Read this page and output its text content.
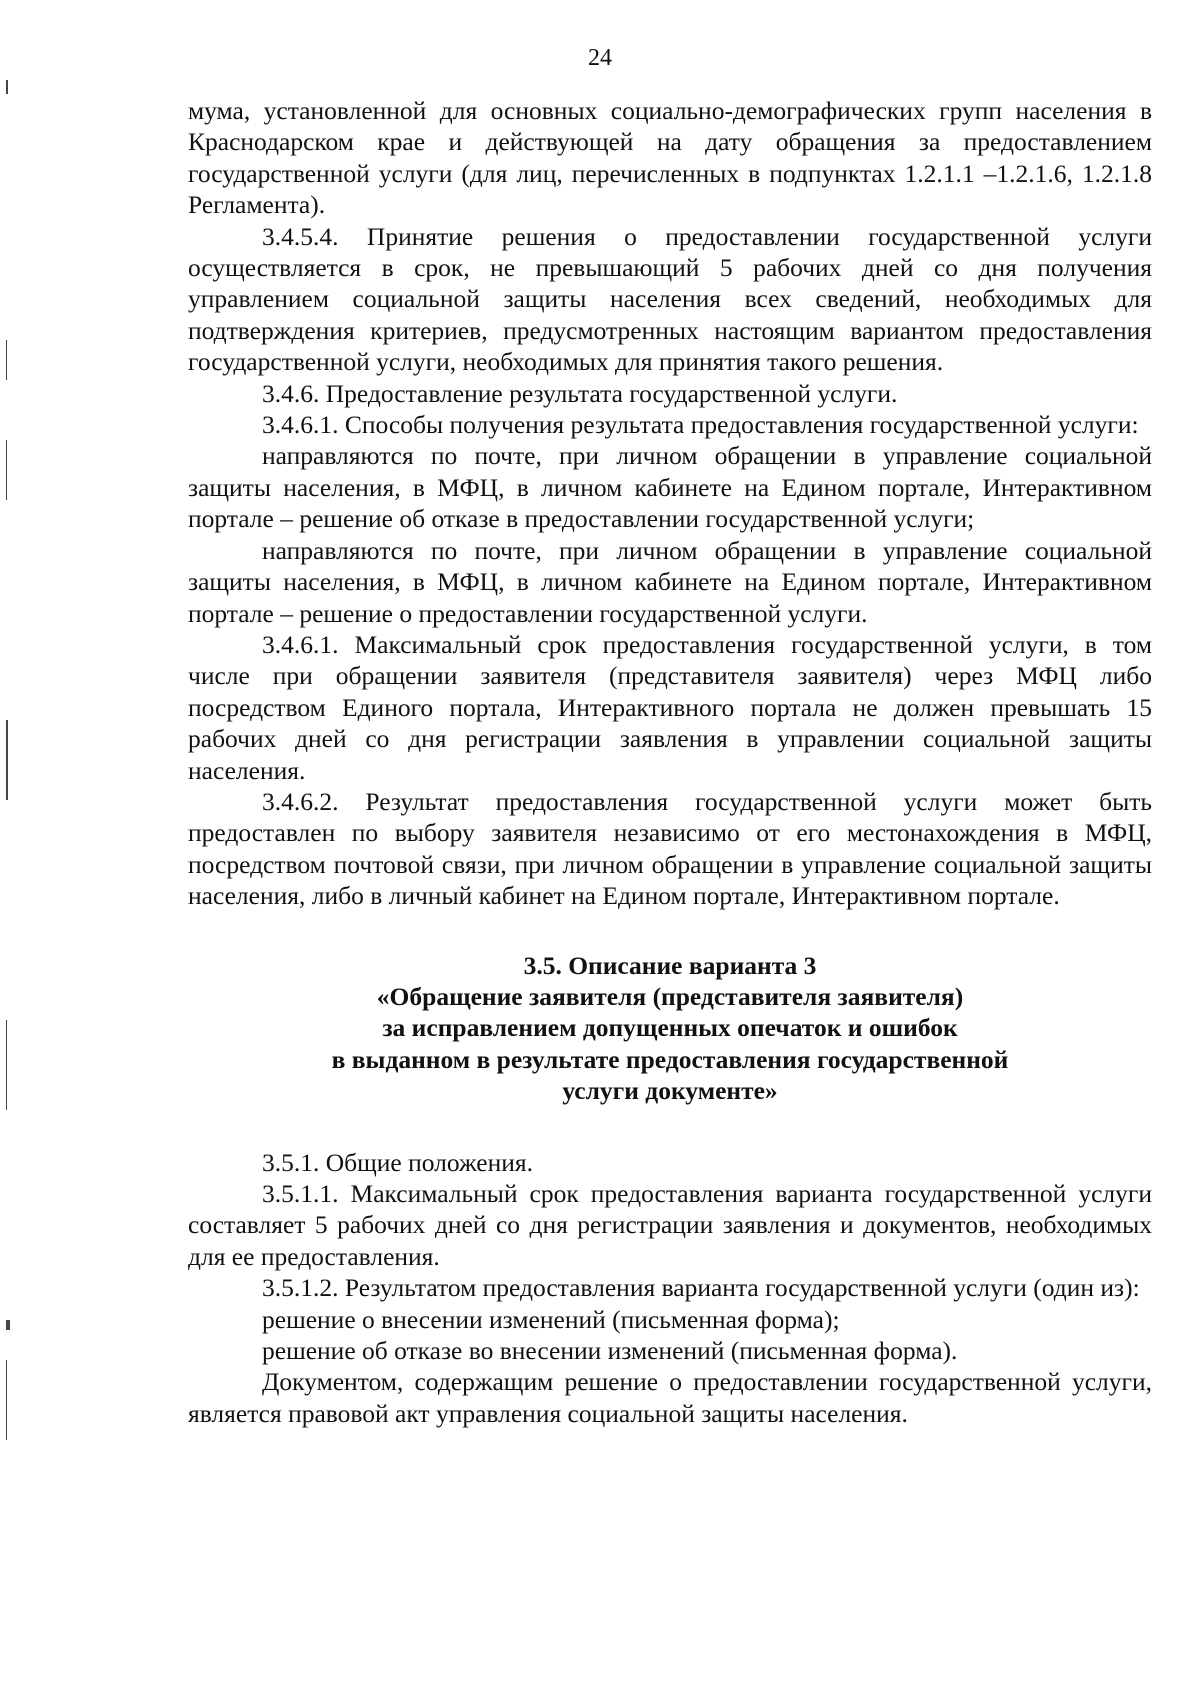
24

мума, установленной для основных социально-демографических групп населения в Краснодарском крае и действующей на дату обращения за предоставлением государственной услуги (для лиц, перечисленных в подпунктах 1.2.1.1 –1.2.1.6, 1.2.1.8 Регламента).

3.4.5.4. Принятие решения о предоставлении государственной услуги осуществляется в срок, не превышающий 5 рабочих дней со дня получения управлением социальной защиты населения всех сведений, необходимых для подтверждения критериев, предусмотренных настоящим вариантом предоставления государственной услуги, необходимых для принятия такого решения.

3.4.6. Предоставление результата государственной услуги.

3.4.6.1. Способы получения результата предоставления государственной услуги:

направляются по почте, при личном обращении в управление социальной защиты населения, в МФЦ, в личном кабинете на Едином портале, Интерактивном портале – решение об отказе в предоставлении государственной услуги;

направляются по почте, при личном обращении в управление социальной защиты населения, в МФЦ, в личном кабинете на Едином портале, Интерактивном портале – решение о предоставлении государственной услуги.

3.4.6.1. Максимальный срок предоставления государственной услуги, в том числе при обращении заявителя (представителя заявителя) через МФЦ либо посредством Единого портала, Интерактивного портала не должен превышать 15 рабочих дней со дня регистрации заявления в управлении социальной защиты населения.

3.4.6.2. Результат предоставления государственной услуги может быть предоставлен по выбору заявителя независимо от его местонахождения в МФЦ, посредством почтовой связи, при личном обращении в управление социальной защиты населения, либо в личный кабинет на Едином портале, Интерактивном портале.

3.5. Описание варианта 3
«Обращение заявителя (представителя заявителя)
за исправлением допущенных опечаток и ошибок
в выданном в результате предоставления государственной
услуги документе»

3.5.1. Общие положения.

3.5.1.1. Максимальный срок предоставления варианта государственной услуги составляет 5 рабочих дней со дня регистрации заявления и документов, необходимых для ее предоставления.

3.5.1.2. Результатом предоставления варианта государственной услуги (один из):

решение о внесении изменений (письменная форма);

решение об отказе во внесении изменений (письменная форма).

Документом, содержащим решение о предоставлении государственной услуги, является правовой акт управления социальной защиты населения.
